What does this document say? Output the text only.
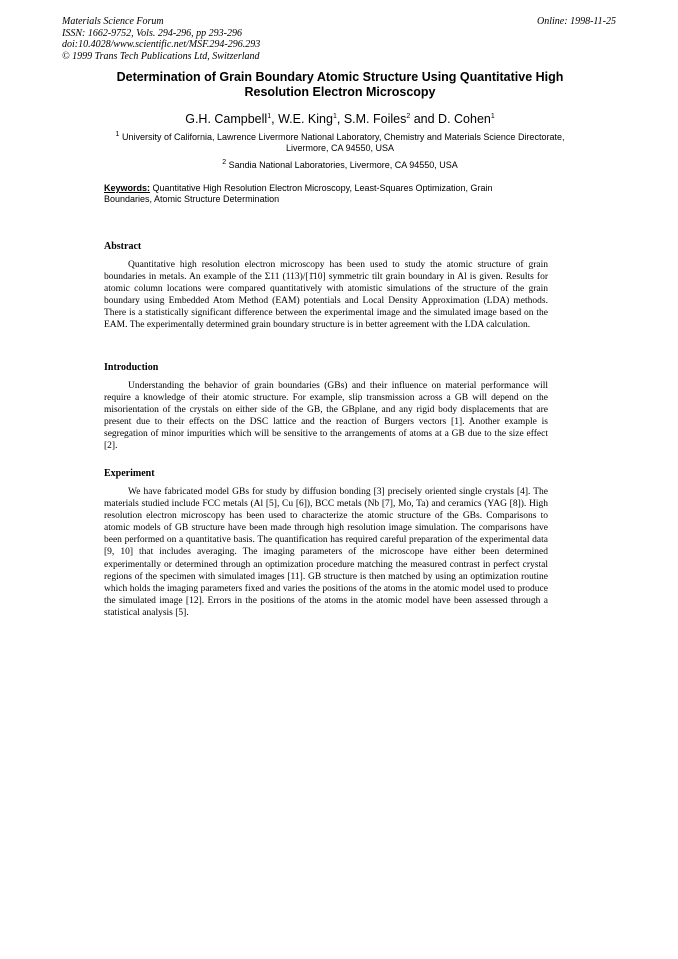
Materials Science Forum
ISSN: 1662-9752, Vols. 294-296, pp 293-296
doi:10.4028/www.scientific.net/MSF.294-296.293
© 1999 Trans Tech Publications Ltd, Switzerland
Online: 1998-11-25
Determination of Grain Boundary Atomic Structure Using Quantitative High Resolution Electron Microscopy
G.H. Campbell$^1$, W.E. King$^1$, S.M. Foiles$^2$ and D. Cohen$^1$
$^1$ University of California, Lawrence Livermore National Laboratory, Chemistry and Materials Science Directorate, Livermore, CA 94550, USA
$^2$ Sandia National Laboratories, Livermore, CA 94550, USA
Keywords: Quantitative High Resolution Electron Microscopy, Least-Squares Optimization, Grain Boundaries, Atomic Structure Determination
Abstract

Quantitative high resolution electron microscopy has been used to study the atomic structure of grain boundaries in metals. An example of the Σ11 (113)/[1̄10] symmetric tilt grain boundary in Al is given. Results for atomic column locations were compared quantitatively with atomistic simulations of the structure of the grain boundary using Embedded Atom Method (EAM) potentials and Local Density Approximation (LDA) methods. There is a statistically significant difference between the experimental image and the simulated image based on the EAM. The experimentally determined grain boundary structure is in better agreement with the LDA calculation.

Introduction

Understanding the behavior of grain boundaries (GBs) and their influence on material performance will require a knowledge of their atomic structure. For example, slip transmission across a GB will depend on the misorientation of the crystals on either side of the GB, the GBplane, and any rigid body displacements that are present due to their effects on the DSC lattice and the reaction of Burgers vectors [1]. Another example is segregation of minor impurities which will be sensitive to the arrangements of atoms at a GB due to the size effect [2].

Experiment

We have fabricated model GBs for study by diffusion bonding [3] precisely oriented single crystals [4]. The materials studied include FCC metals (Al [5], Cu [6]), BCC metals (Nb [7], Mo, Ta) and ceramics (YAG [8]). High resolution electron microscopy has been used to characterize the atomic structure of the GBs. Comparisons to atomic models of GB structure have been made through high resolution image simulation. The comparisons have been performed on a quantitative basis. The quantification has required careful preparation of the experimental data [9, 10] that includes averaging. The imaging parameters of the microscope have either been determined experimentally or determined through an optimization procedure matching the measured contrast in perfect crystal regions of the specimen with simulated images [11]. GB structure is then matched by using an optimization routine which holds the imaging parameters fixed and varies the positions of the atoms in the atomic model used to produce the simulated image [12]. Errors in the positions of the atoms in the atomic model have been assessed through a statistical analysis [5].
